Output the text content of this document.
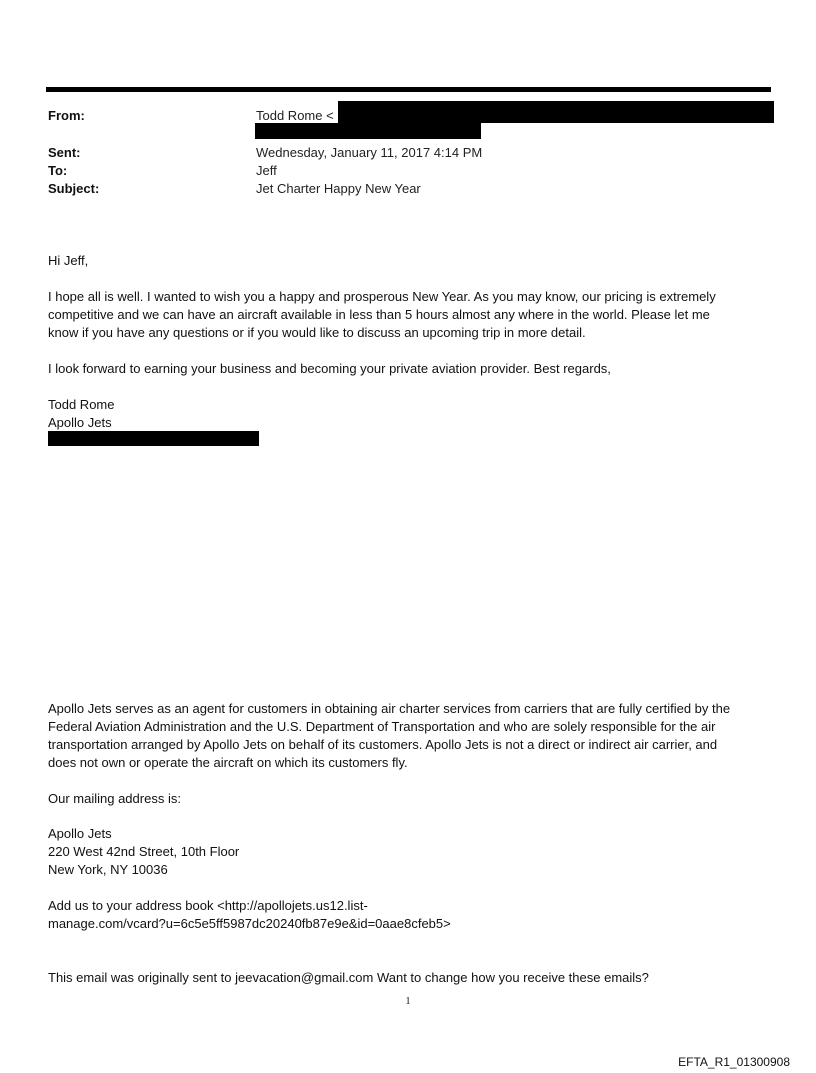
From:	Todd Rome <
Sent:	Wednesday, January 11, 2017 4:14 PM
To:	Jeff
Subject:	Jet Charter Happy New Year
Hi Jeff,
I hope all is well. I wanted to wish you a happy and prosperous New Year. As you may know, our pricing is extremely
competitive and we can have an aircraft available in less than 5 hours almost any where in the world. Please let me
know if you have any questions or if you would like to discuss an upcoming trip in more detail.
I look forward to earning your business and becoming your private aviation provider. Best regards,
Todd Rome
Apollo Jets
Apollo Jets serves as an agent for customers in obtaining air charter services from carriers that are fully certified by the
Federal Aviation Administration and the U.S. Department of Transportation and who are solely responsible for the air
transportation arranged by Apollo Jets on behalf of its customers. Apollo Jets is not a direct or indirect air carrier, and
does not own or operate the aircraft on which its customers fly.
Our mailing address is:
Apollo Jets
220 West 42nd Street, 10th Floor
New York, NY 10036
Add us to your address book <http://apollojets.us12.list-
manage.com/vcard?u=6c5e5ff5987dc20240fb87e9e&id=0aae8cfeb5>
This email was originally sent to jeevacation@gmail.com Want to change how you receive these emails?
1
EFTA_R1_01300908
